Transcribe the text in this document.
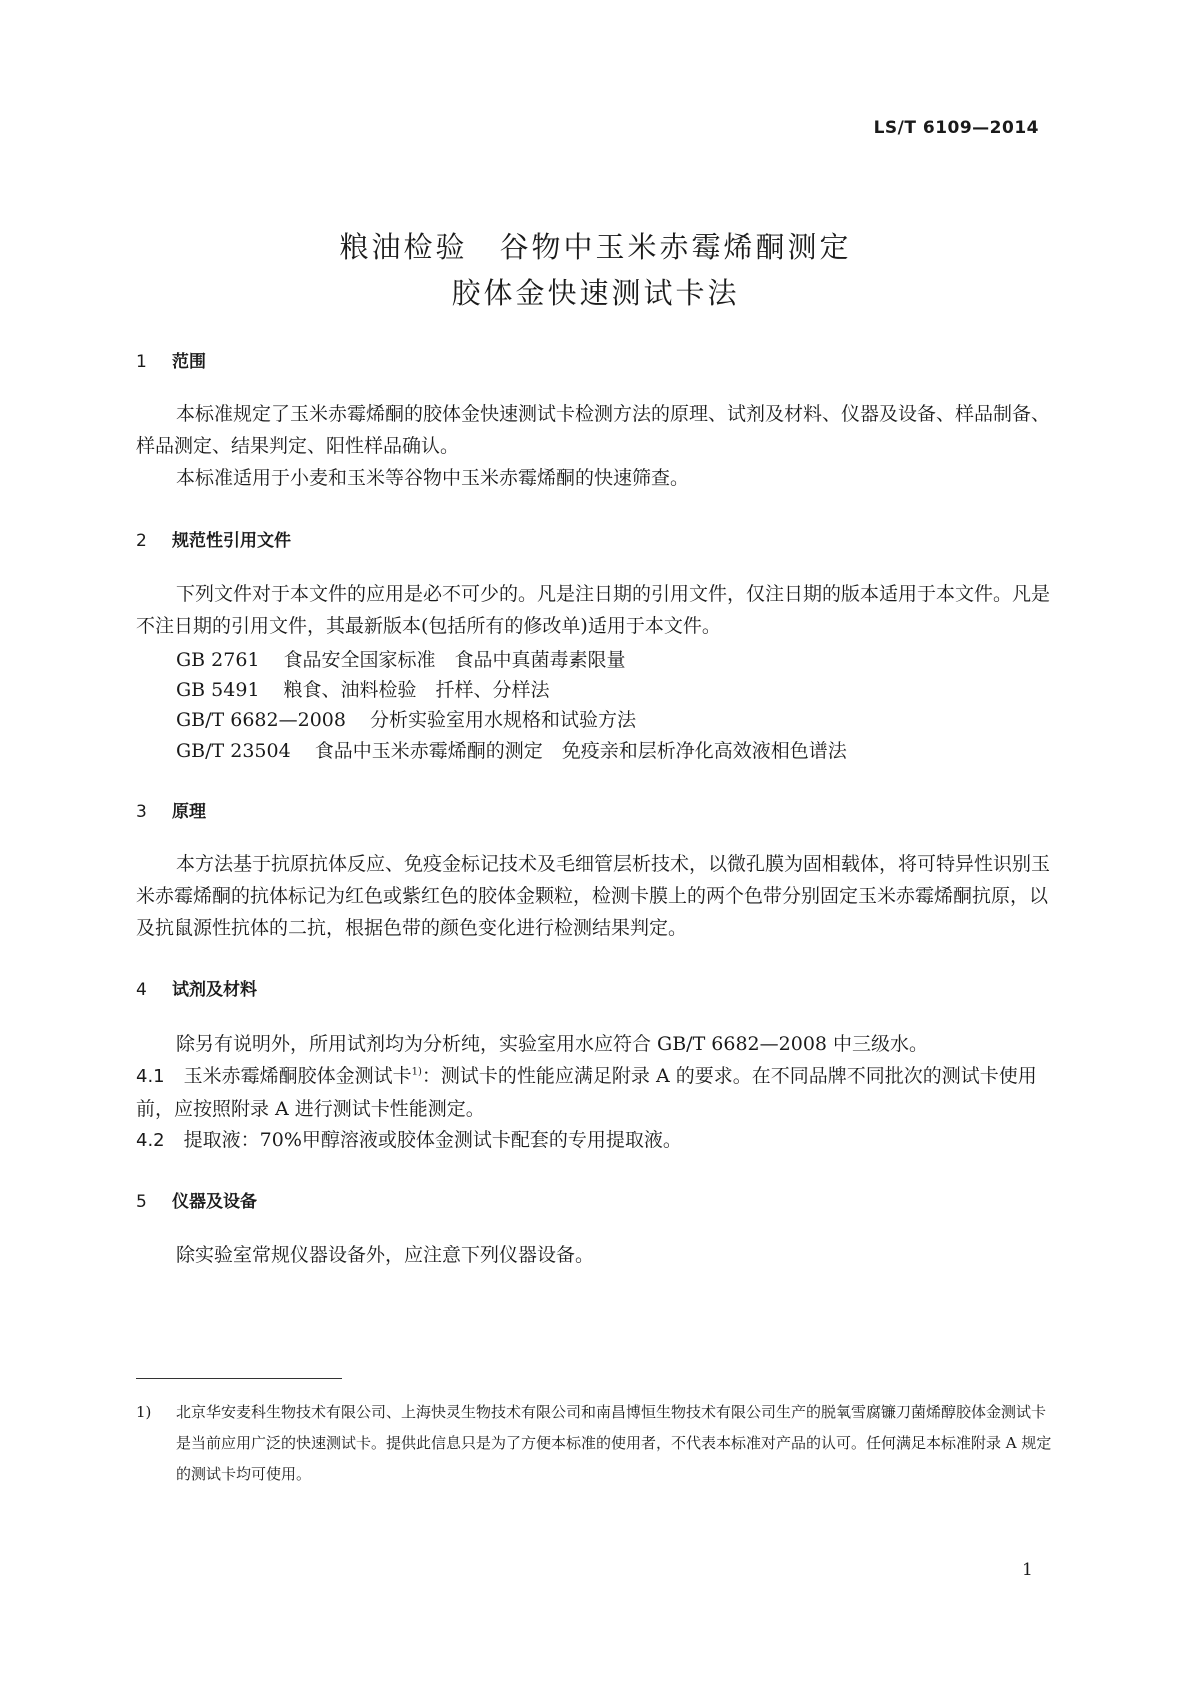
LS/T 6109—2014
粮油检验　谷物中玉米赤霉烯酮测定
胶体金快速测试卡法
1 范围
本标准规定了玉米赤霉烯酮的胶体金快速测试卡检测方法的原理、试剂及材料、仪器及设备、样品制备、样品测定、结果判定、阳性样品确认。
本标准适用于小麦和玉米等谷物中玉米赤霉烯酮的快速筛查。
2 规范性引用文件
下列文件对于本文件的应用是必不可少的。凡是注日期的引用文件，仅注日期的版本适用于本文件。凡是不注日期的引用文件，其最新版本(包括所有的修改单)适用于本文件。
GB 2761 食品安全国家标准　食品中真菌毒素限量
GB 5491 粮食、油料检验　扦样、分样法
GB/T 6682—2008 分析实验室用水规格和试验方法
GB/T 23504 食品中玉米赤霉烯酮的测定　免疫亲和层析净化高效液相色谱法
3 原理
本方法基于抗原抗体反应、免疫金标记技术及毛细管层析技术，以微孔膜为固相载体，将可特异性识别玉米赤霉烯酮的抗体标记为红色或紫红色的胶体金颗粒，检测卡膜上的两个色带分别固定玉米赤霉烯酮抗原，以及抗鼠源性抗体的二抗，根据色带的颜色变化进行检测结果判定。
4 试剂及材料
除另有说明外，所用试剂均为分析纯，实验室用水应符合 GB/T 6682—2008 中三级水。
4.1  玉米赤霉烯酮胶体金测试卡$^{1)}$：测试卡的性能应满足附录 A 的要求。在不同品牌不同批次的测试卡使用前，应按照附录 A 进行测试卡性能测定。
4.2  提取液：70%甲醇溶液或胶体金测试卡配套的专用提取液。
5 仪器及设备
除实验室常规仪器设备外，应注意下列仪器设备。
1) 北京华安麦科生物技术有限公司、上海快灵生物技术有限公司和南昌博恒生物技术有限公司生产的脱氧雪腐镰刀菌烯醇胶体金测试卡是当前应用广泛的快速测试卡。提供此信息只是为了方便本标准的使用者，不代表本标准对产品的认可。任何满足本标准附录 A 规定的测试卡均可使用。
1
